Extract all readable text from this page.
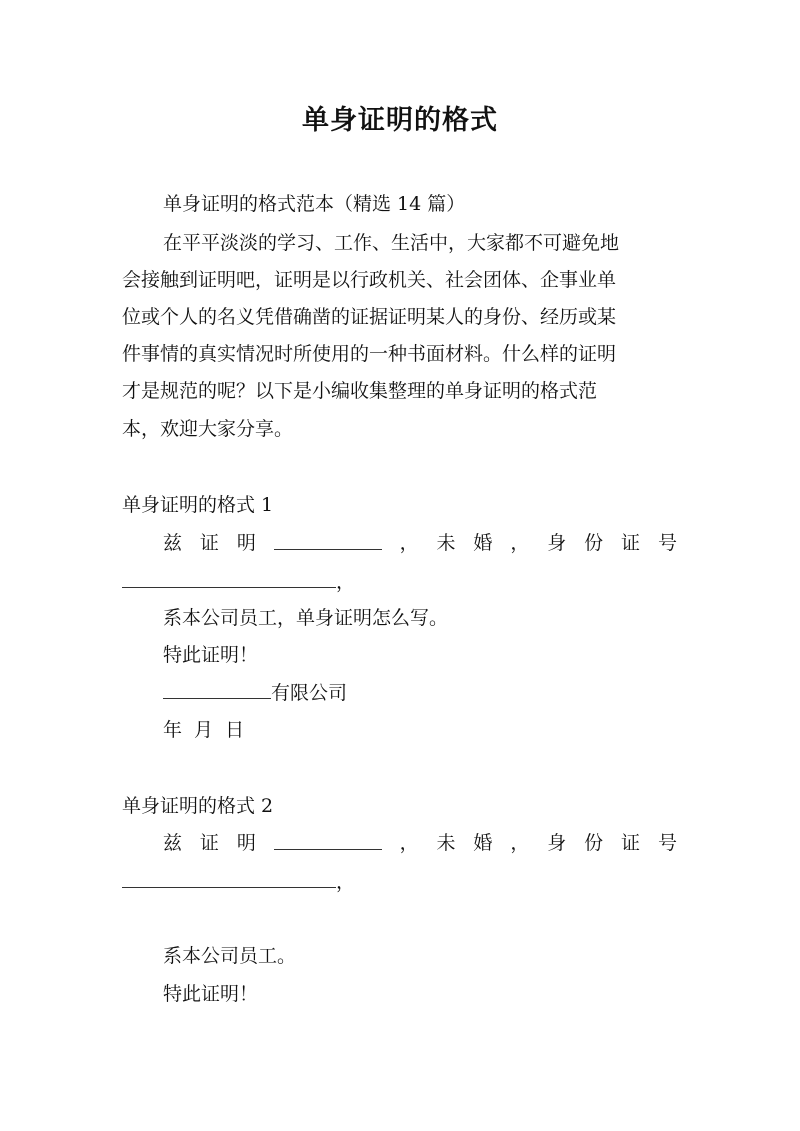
单身证明的格式
单身证明的格式范本（精选 14 篇）
在平平淡淡的学习、工作、生活中，大家都不可避免地
会接触到证明吧，证明是以行政机关、社会团体、企事业单
位或个人的名义凭借确凿的证据证明某人的身份、经历或某
件事情的真实情况时所使用的一种书面材料。什么样的证明
才是规范的呢？以下是小编收集整理的单身证明的格式范
本，欢迎大家分享。
单身证明的格式 1
兹 证 明	， 未 婚 ， 身 份 证 号
，
系本公司员工，单身证明怎么写。
特此证明！
有限公司
年 月 日
单身证明的格式 2
兹 证 明	， 未 婚 ， 身 份 证 号
，
系本公司员工。
特此证明！
